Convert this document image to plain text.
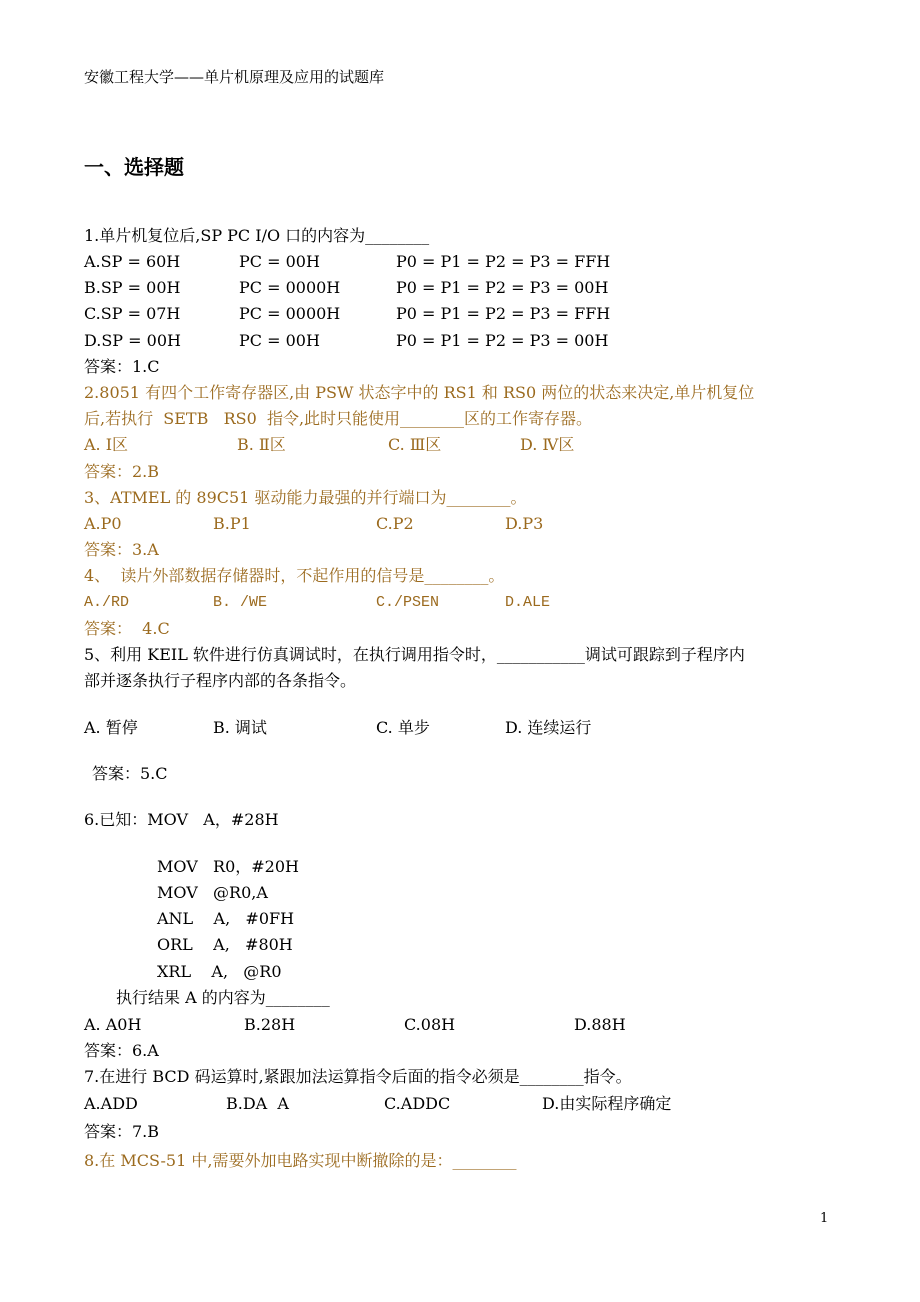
安徽工程大学——单片机原理及应用的试题库
一、选择题
1.单片机复位后,SP PC I/O 口的内容为________
A.SP = 60H	PC = 00H	P0 = P1 = P2 = P3 = FFH
B.SP = 00H	PC = 0000H	P0 = P1 = P2 = P3 = 00H
C.SP = 07H	PC = 0000H	P0 = P1 = P2 = P3 = FFH
D.SP = 00H	PC = 00H	P0 = P1 = P2 = P3 = 00H
答案：1.C
2.8051 有四个工作寄存器区,由 PSW 状态字中的 RS1 和 RS0 两位的状态来决定,单片机复位
后,若执行  SETB   RS0  指令,此时只能使用________区的工作寄存器。
A. Ⅰ区	B. Ⅱ区	C. Ⅲ区	D. Ⅳ区
答案：2.B
3、ATMEL 的 89C51 驱动能力最强的并行端口为________。
A.P0	B.P1	C.P2	D.P3
答案：3.A
4、  读片外部数据存储器时，不起作用的信号是________。
A./RD	B. /WE	C./PSEN	D.ALE
答案：  4.C
5、利用 KEIL 软件进行仿真调试时，在执行调用指令时，___________调试可跟踪到子程序内
部并逐条执行子程序内部的各条指令。
A. 暂停	B. 调试	C. 单步	D. 连续运行
答案：5.C
6.已知：MOV   A，#28H
MOV   R0，#20H
MOV   @R0,A
ANL    A,   #0FH
ORL    A,   #80H
XRL    A,   @R0
执行结果 A 的内容为________
A. A0H	B.28H	C.08H	D.88H
答案：6.A
7.在进行 BCD 码运算时,紧跟加法运算指令后面的指令必须是________指令。
A.ADD	B.DA  A	C.ADDC	D.由实际程序确定
答案：7.B
8.在 MCS-51 中,需要外加电路实现中断撤除的是：________
1
